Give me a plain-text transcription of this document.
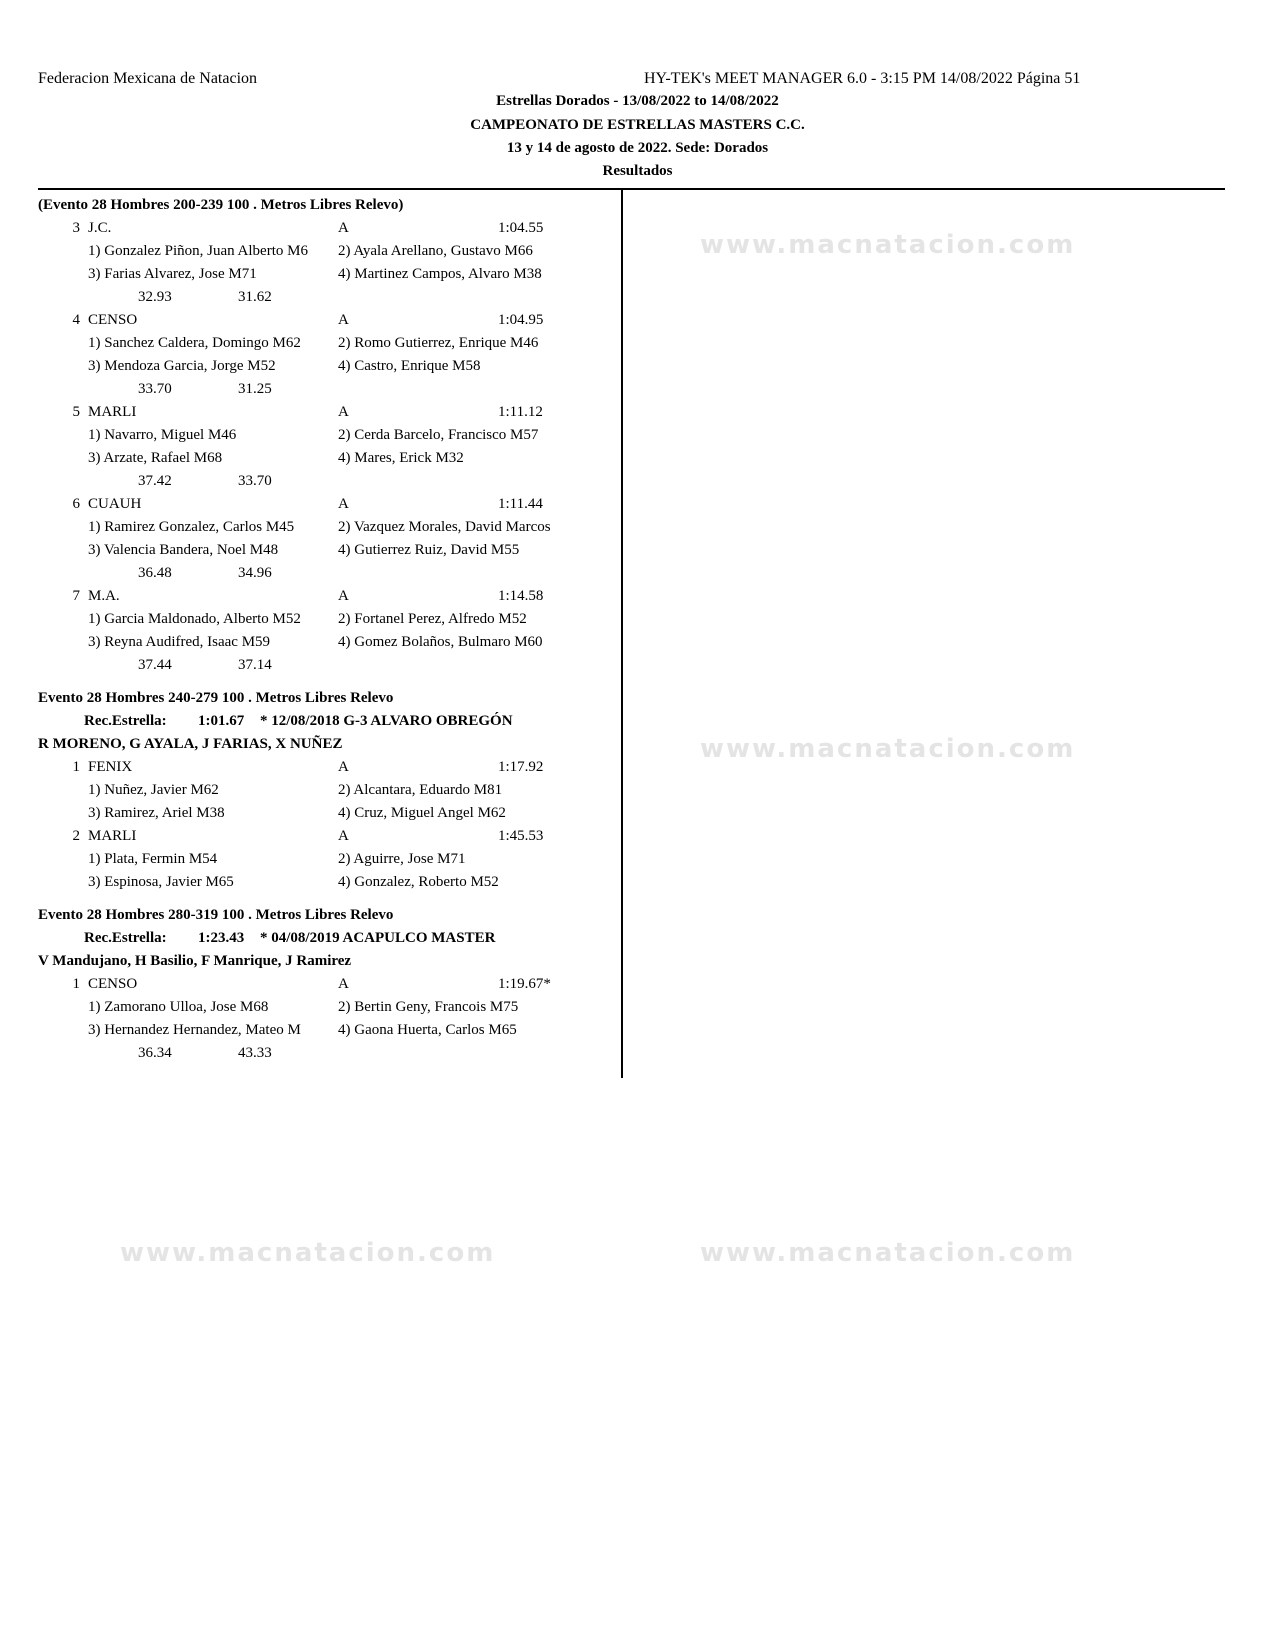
Federacion Mexicana de Natacion	HY-TEK's MEET MANAGER 6.0 - 3:15 PM 14/08/2022 Página 51
Estrellas Dorados - 13/08/2022 to 14/08/2022
CAMPEONATO DE ESTRELLAS MASTERS C.C.
13 y 14 de agosto de 2022. Sede: Dorados
Resultados
www.macnatacion.com
www.macnatacion.com
www.macnatacion.com	www.macnatacion.com
(Evento 28 Hombres 200-239 100 . Metros Libres Relevo)
3 J.C.	A	1:04.55
1) Gonzalez Piñon, Juan Alberto M6	2) Ayala Arellano, Gustavo M66
3) Farias Alvarez, Jose M71	4) Martinez Campos, Alvaro M38
32.93	31.62
4 CENSO	A	1:04.95
1) Sanchez Caldera, Domingo M62	2) Romo Gutierrez, Enrique M46
3) Mendoza Garcia, Jorge M52	4) Castro, Enrique M58
33.70	31.25
5 MARLI	A	1:11.12
1) Navarro, Miguel M46	2) Cerda Barcelo, Francisco M57
3) Arzate, Rafael M68	4) Mares, Erick M32
37.42	33.70
6 CUAUH	A	1:11.44
1) Ramirez Gonzalez, Carlos M45	2) Vazquez Morales, David Marcos
3) Valencia Bandera, Noel M48	4) Gutierrez Ruiz, David M55
36.48	34.96
7 M.A.	A	1:14.58
1) Garcia Maldonado, Alberto M52	2) Fortanel Perez, Alfredo M52
3) Reyna Audifred, Isaac M59	4) Gomez Bolaños, Bulmaro M60
37.44	37.14
Evento 28 Hombres 240-279 100 . Metros Libres Relevo
Rec.Estrella: 1:01.67 * 12/08/2018 G-3 ALVARO OBREGÓN
R MORENO, G AYALA, J FARIAS, X NUÑEZ
1 FENIX	A	1:17.92
1) Nuñez, Javier M62	2) Alcantara, Eduardo M81
3) Ramirez, Ariel M38	4) Cruz, Miguel Angel M62
2 MARLI	A	1:45.53
1) Plata, Fermin M54	2) Aguirre, Jose M71
3) Espinosa, Javier M65	4) Gonzalez, Roberto M52
Evento 28 Hombres 280-319 100 . Metros Libres Relevo
Rec.Estrella: 1:23.43 * 04/08/2019 ACAPULCO MASTER
V Mandujano, H Basilio, F Manrique, J Ramirez
1 CENSO	A	1:19.67*
1) Zamorano Ulloa, Jose M68	2) Bertin Geny, Francois M75
3) Hernandez Hernandez, Mateo M	4) Gaona Huerta, Carlos M65
36.34	43.33
